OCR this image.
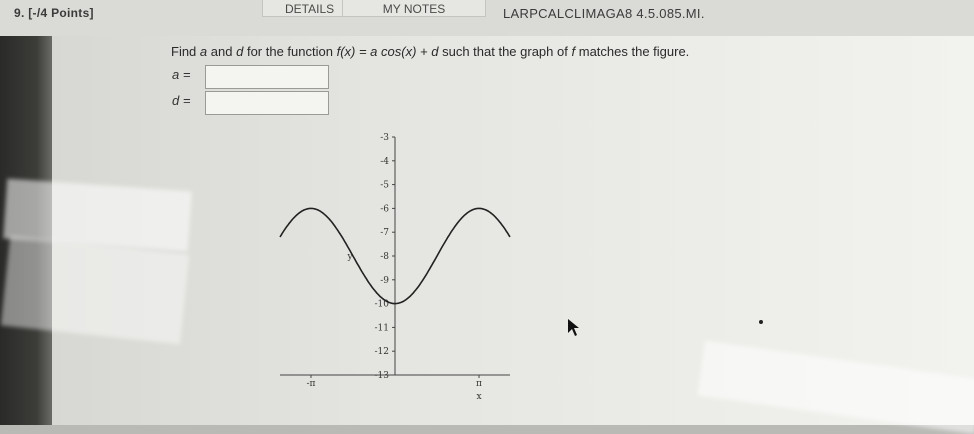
9. [-/4 Points]	DETAILS	MY NOTES	LARPCALCLIMAGA8 4.5.085.MI.
Find a and d for the function f(x) = a cos(x) + d such that the graph of f matches the figure.
a =
d =
-3
-4
-5
-6
-7
-8
-9
-10
-11
-12
-13
-π	π
y
x
